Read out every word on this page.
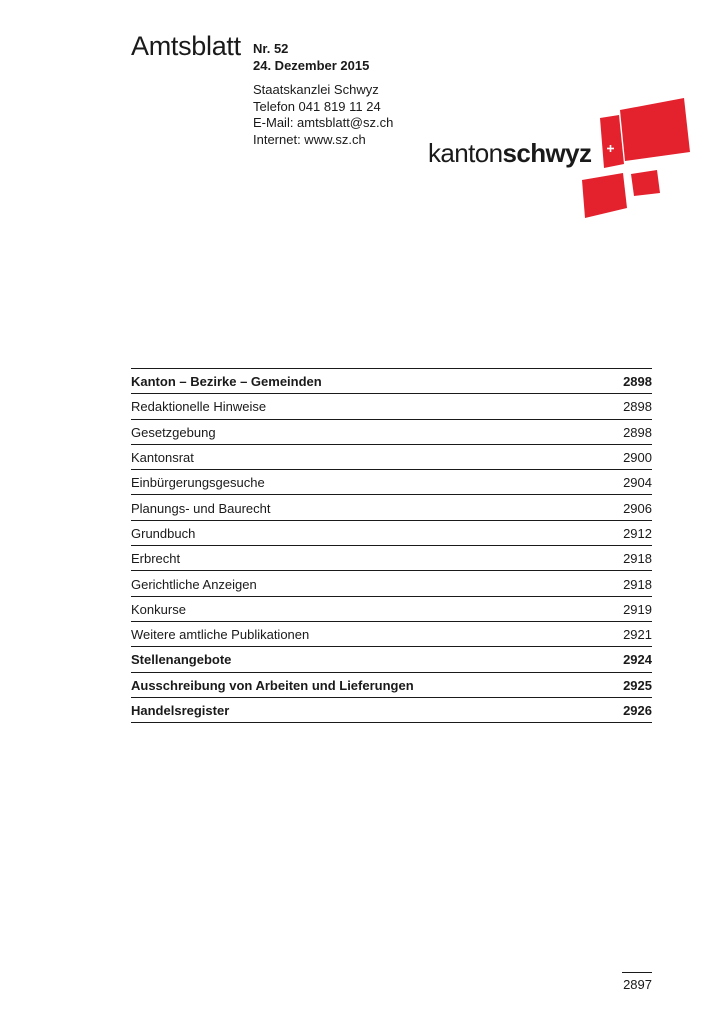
Amtsblatt Nr. 52
24. Dezember 2015
Staatskanzlei Schwyz
Telefon 041 819 11 24
E-Mail: amtsblatt@sz.ch
Internet: www.sz.ch	kantonschwyz
Kanton – Bezirke – Gemeinden	2898
Redaktionelle Hinweise	2898
Gesetzgebung	2898
Kantonsrat	2900
Einbürgerungsgesuche	2904
Planungs- und Baurecht	2906
Grundbuch	2912
Erbrecht	2918
Gerichtliche Anzeigen	2918
Konkurse	2919
Weitere amtliche Publikationen	2921
Stellenangebote	2924
Ausschreibung von Arbeiten und Lieferungen	2925
Handelsregister	2926
2897
